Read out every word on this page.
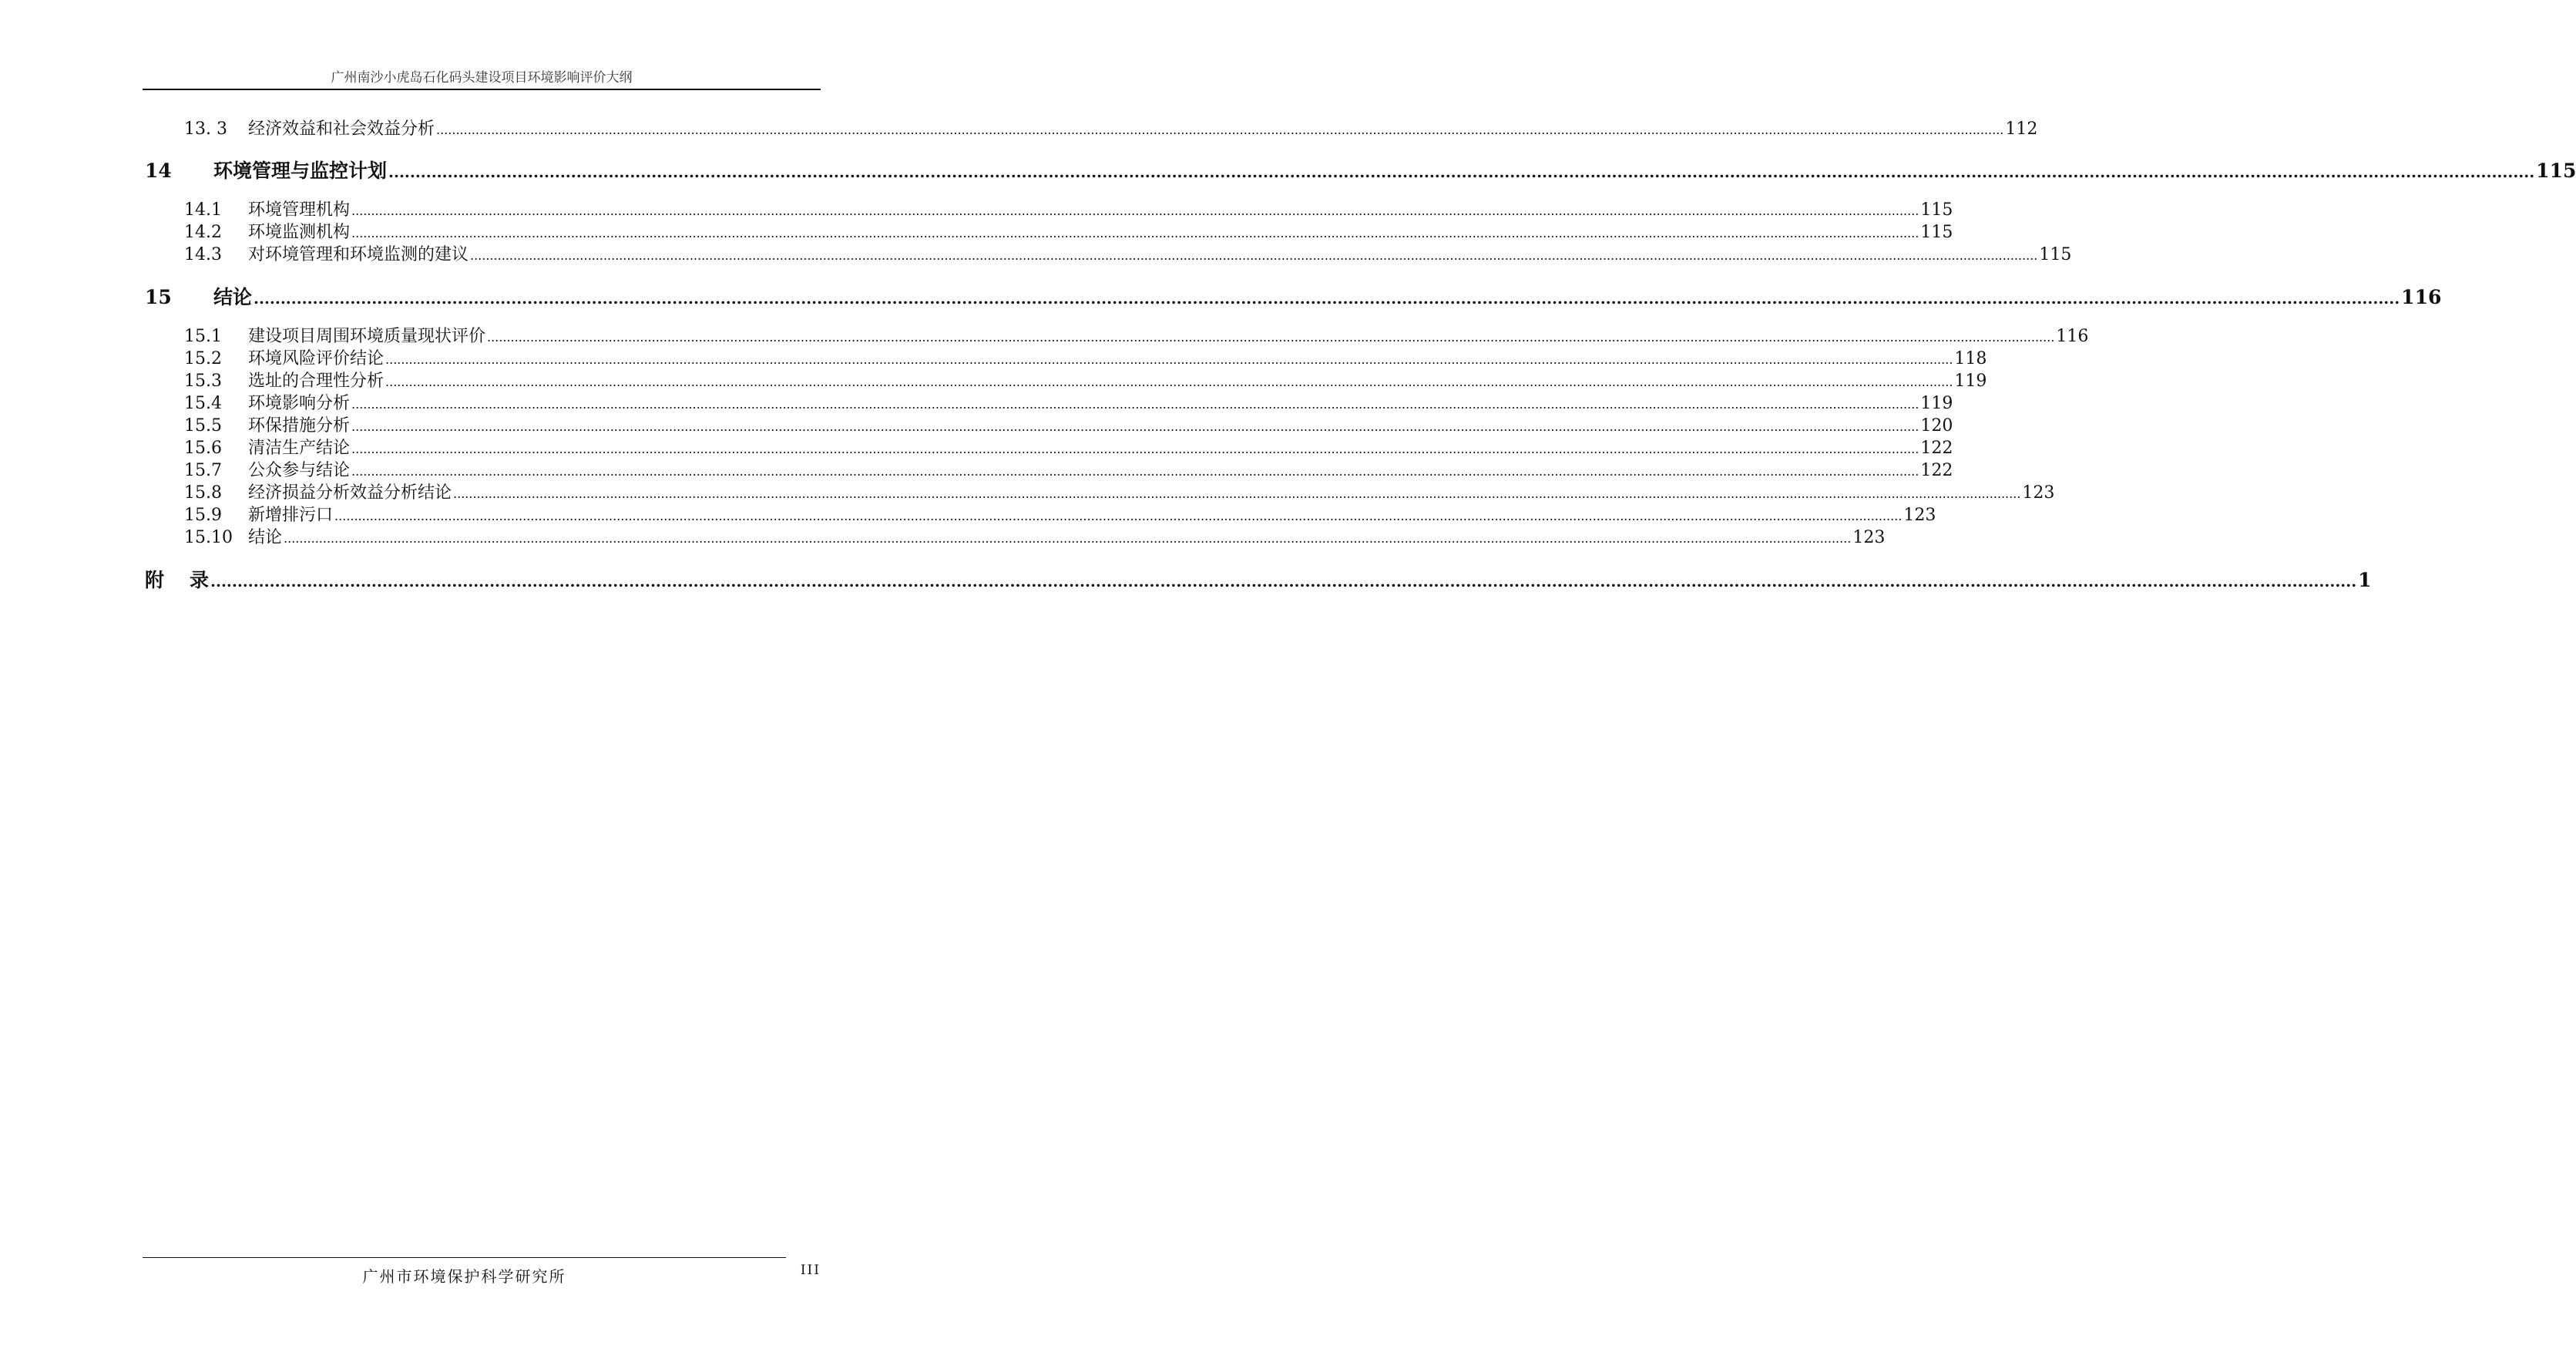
广州南沙小虎岛石化码头建设项目环境影响评价大纲
13. 3	经济效益和社会效益分析 ................................................................................................................................................................................................................................................................................................................................................................................................................ 112
14	环境管理与监控计划 ................................................................................................................................................................................................................................................................................................................................................................................................................ 115
14.1	环境管理机构 ................................................................................................................................................................................................................................................................................................................................................................................................................ 115
14.2	环境监测机构 ................................................................................................................................................................................................................................................................................................................................................................................................................ 115
14.3	对环境管理和环境监测的建议 ................................................................................................................................................................................................................................................................................................................................................................................................................ 115
15	结论 ................................................................................................................................................................................................................................................................................................................................................................................................................ 116
15.1	建设项目周围环境质量现状评价 ................................................................................................................................................................................................................................................................................................................................................................................................................ 116
15.2	环境风险评价结论 ................................................................................................................................................................................................................................................................................................................................................................................................................ 118
15.3	选址的合理性分析 ................................................................................................................................................................................................................................................................................................................................................................................................................ 119
15.4	环境影响分析 ................................................................................................................................................................................................................................................................................................................................................................................................................ 119
15.5	环保措施分析 ................................................................................................................................................................................................................................................................................................................................................................................................................ 120
15.6	清洁生产结论 ................................................................................................................................................................................................................................................................................................................................................................................................................ 122
15.7	公众参与结论 ................................................................................................................................................................................................................................................................................................................................................................................................................ 122
15.8	经济损益分析效益分析结论 ................................................................................................................................................................................................................................................................................................................................................................................................................ 123
15.9	新增排污口 ................................................................................................................................................................................................................................................................................................................................................................................................................ 123
15.10 结论 ................................................................................................................................................................................................................................................................................................................................................................................................................ 123
附	录 ................................................................................................................................................................................................................................................................................................................................................................................................................ 1
广州市环境保护科学研究所	III
